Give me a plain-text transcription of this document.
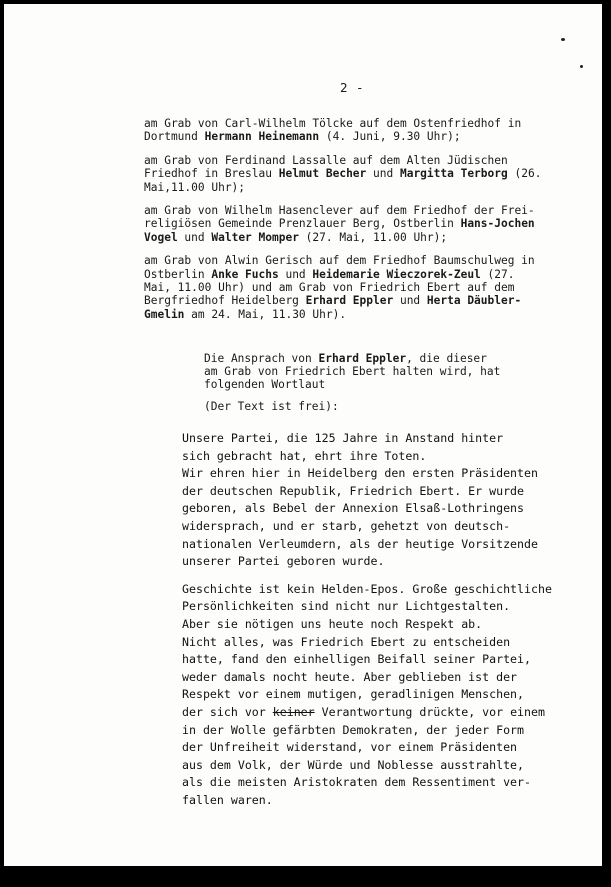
2 -
am Grab von Carl-Wilhelm Tölcke auf dem Ostenfriedhof in
Dortmund Hermann Heinemann (4. Juni, 9.30 Uhr);
am Grab von Ferdinand Lassalle auf dem Alten Jüdischen
Friedhof in Breslau Helmut Becher und Margitta Terborg (26.
Mai,11.00 Uhr);
am Grab von Wilhelm Hasenclever auf dem Friedhof der Frei-
religiösen Gemeinde Prenzlauer Berg, Ostberlin Hans-Jochen
Vogel und Walter Momper (27. Mai, 11.00 Uhr);
am Grab von Alwin Gerisch auf dem Friedhof Baumschulweg in
Ostberlin Anke Fuchs und Heidemarie Wieczorek-Zeul (27.
Mai, 11.00 Uhr) und am Grab von Friedrich Ebert auf dem
Bergfriedhof Heidelberg Erhard Eppler und Herta Däubler-
Gmelin am 24. Mai, 11.30 Uhr).
Die Ansprach von Erhard Eppler, die dieser
am Grab von Friedrich Ebert halten wird, hat
folgenden Wortlaut
(Der Text ist frei):
Unsere Partei, die 125 Jahre in Anstand hinter
sich gebracht hat, ehrt ihre Toten.
Wir ehren hier in Heidelberg den ersten Präsidenten
der deutschen Republik, Friedrich Ebert. Er wurde
geboren, als Bebel der Annexion Elsaß-Lothringens
widersprach, und er starb, gehetzt von deutsch-
nationalen Verleumdern, als der heutige Vorsitzende
unserer Partei geboren wurde.
Geschichte ist kein Helden-Epos. Große geschichtliche
Persönlichkeiten sind nicht nur Lichtgestalten.
Aber sie nötigen uns heute noch Respekt ab.
Nicht alles, was Friedrich Ebert zu entscheiden
hatte, fand den einhelligen Beifall seiner Partei,
weder damals nocht heute. Aber geblieben ist der
Respekt vor einem mutigen, geradlinigen Menschen,
der sich vor keiner Verantwortung drückte, vor einem
in der Wolle gefärbten Demokraten, der jeder Form
der Unfreiheit widerstand, vor einem Präsidenten
aus dem Volk, der Würde und Noblesse ausstrahlte,
als die meisten Aristokraten dem Ressentiment ver-
fallen waren.
